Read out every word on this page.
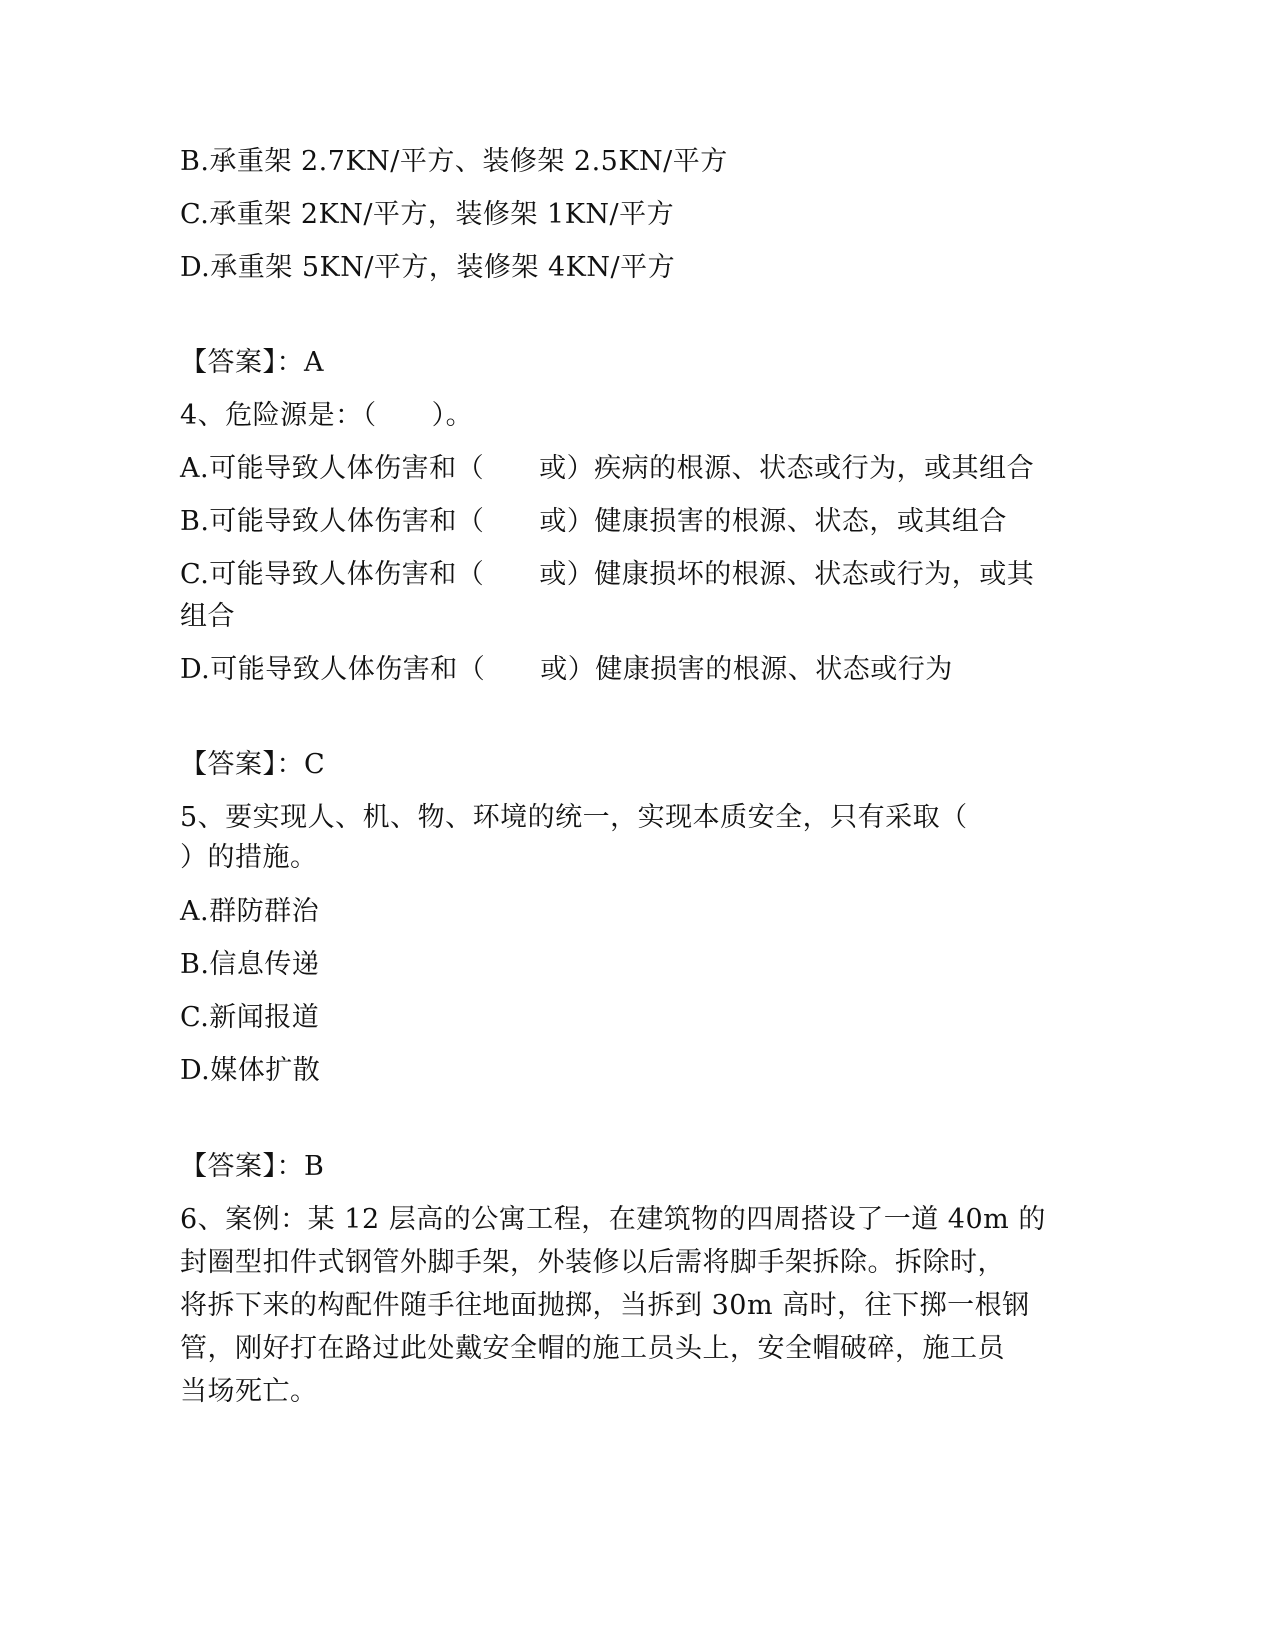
B.承重架 2.7KN/平方、装修架 2.5KN/平方
C.承重架 2KN/平方，装修架 1KN/平方
D.承重架 5KN/平方，装修架 4KN/平方
【答案】：A
4、危险源是：（　　）。
A.可能导致人体伤害和（　　或）疾病的根源、状态或行为，或其组合
B.可能导致人体伤害和（　　或）健康损害的根源、状态，或其组合
C.可能导致人体伤害和（　　或）健康损坏的根源、状态或行为，或其
组合
D.可能导致人体伤害和（　　或）健康损害的根源、状态或行为
【答案】：C
5、要实现人、机、物、环境的统一，实现本质安全，只有采取（
）的措施。
A.群防群治
B.信息传递
C.新闻报道
D.媒体扩散
【答案】：B
6、案例：某 12 层高的公寓工程，在建筑物的四周搭设了一道 40m 的
封圈型扣件式钢管外脚手架，外装修以后需将脚手架拆除。拆除时，
将拆下来的构配件随手往地面抛掷，当拆到 30m 高时，往下掷一根钢
管，刚好打在路过此处戴安全帽的施工员头上，安全帽破碎，施工员
当场死亡。
